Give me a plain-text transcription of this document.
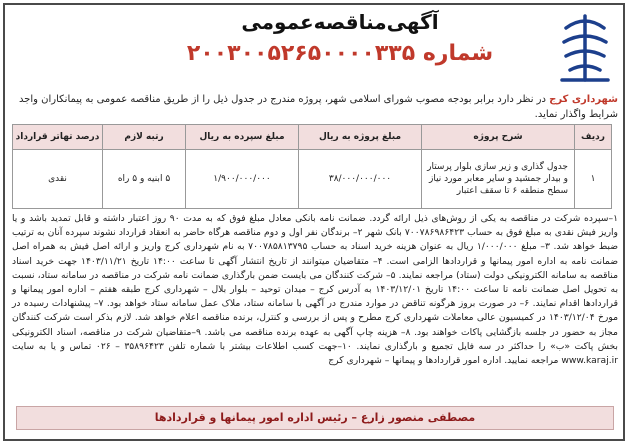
آگهی‌مناقصه‌عمومی
شماره ۲۰۰۳۰۰۵۲۶۵۰۰۰۰۳۳۵
شهرداری کرج در نظر دارد برابر بودجه مصوب شورای اسلامی شهر، پروژه مندرج در جدول ذیل را از طریق مناقصه عمومی به پیمانکاران واجد شرایط واگذار نماید.
ردیف	شرح پروژه	مبلغ پروژه به ریال	مبلغ سپرده به ریال	رتبه لازم	درصد تهاتر قرارداد
۱	جدول گذاری و زیر سازی بلوار پرستار و بیدار جمشید و سایر معابر مورد نیاز سطح منطقه ۶ تا سقف اعتبار	۳۸/۰۰۰/۰۰۰/۰۰۰	۱/۹۰۰/۰۰۰/۰۰۰	۵ ابنیه و ۵ راه	نقدی
۱–سپرده شرکت در مناقصه به یکی از روش‌های ذیل ارائه گردد. ضمانت نامه بانکی معادل مبلغ فوق که به مدت ۹۰ روز اعتبار داشته و قابل تمدید باشد و یا واریز فیش نقدی به مبلغ فوق به حساب ۷۰۰۷۸۶۹۸۶۴۲۳ بانک شهر ۲– برندگان نفر اول و دوم مناقصه هرگاه حاضر به انعقاد قرارداد نشوند سپرده آنان به ترتیب ضبط خواهد شد. ۳– مبلغ ۱/۰۰۰/۰۰۰ ریال به عنوان هزینه خرید اسناد به حساب ۷۰۰۷۸۵۸۱۳۷۹۵ به نام شهرداری کرج واریز و ارائه اصل فیش به همراه اصل ضمانت نامه به اداره امور پیمانها و قراردادها الزامی است. ۴– متقاضیان میتوانند از تاریخ انتشار آگهی تا ساعت ۱۴:۰۰ تاریخ ۱۴۰۳/۱۱/۲۱ جهت خرید اسناد مناقصه به سامانه الکترونیکی دولت (ستاد) مراجعه نمایند. ۵– شرکت کنندگان می بایست ضمن بارگذاری ضمانت نامه شرکت در مناقصه در سامانه ستاد، نسبت به تحویل اصل ضمانت نامه تا ساعت ۱۴:۰۰ تاریخ ۱۴۰۳/۱۲/۰۱ به آدرس کرج – میدان توحید – بلوار بلال – شهرداری کرج طبقه هفتم – اداره امور پیمانها و قراردادها اقدام نمایند. ۶– در صورت بروز هرگونه تناقض در موارد مندرج در آگهی با سامانه ستاد، ملاک عمل سامانه ستاد خواهد بود. ۷– پیشنهادات رسیده در مورخ ۱۴۰۳/۱۲/۰۴ در کمیسیون عالی معاملات شهرداری کرج مطرح و پس از بررسی و کنترل، برنده مناقصه اعلام خواهد شد. لازم بذکر است شرکت کنندگان مجاز به حضور در جلسه بازگشایی پاکات خواهند بود. ۸– هزینه چاپ آگهی به عهده برنده مناقصه می باشد. ۹–متقاضیان شرکت در مناقصه، اسناد الکترونیکی بخش پاکت «ب» را حداکثر در سه فایل تجمیع و بارگذاری نمایند. ۱۰–جهت کسب اطلاعات بیشتر با شماره تلفن ۳۵۸۹۶۴۲۳ – ۰۲۶ تماس و یا به سایت www.karaj.ir مراجعه نمایید. اداره امور قراردادها و پیمانها – شهرداری کرج
مصطفی منصور زارع – رئیس اداره امور پیمانها و قراردادها
